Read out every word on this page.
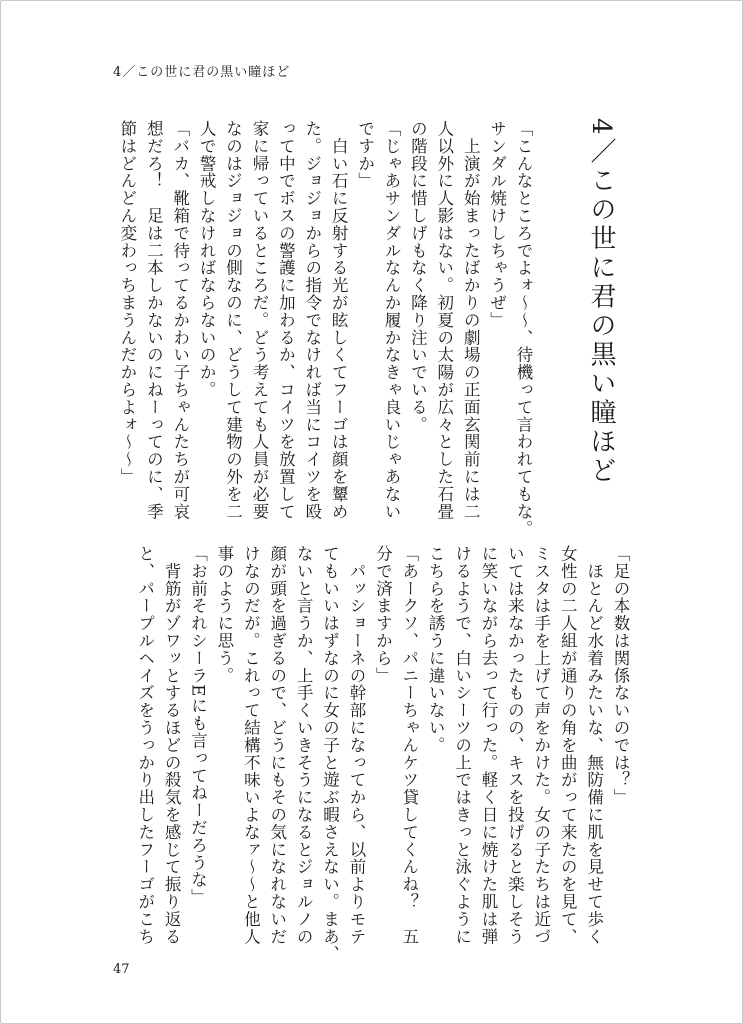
4／この世に君の黒い瞳ほど
4／この世に君の黒い瞳ほど

「こんなところでよォ〜〜、待機って言われてもな。

サンダル焼けしちゃうぜ」

　上演が始まったばかりの劇場の正面玄関前には二

人以外に人影はない。初夏の太陽が広々とした石畳

の階段に惜しげもなく降り注いでいる。

「じゃあサンダルなんか履かなきゃ良いじゃあない

ですか」

　白い石に反射する光が眩しくてフーゴは顔を顰め

た。ジョジョからの指令でなければ当にコイツを殴

って中でボスの警護に加わるか、コイツを放置して

家に帰っているところだ。どう考えても人員が必要

なのはジョジョの側なのに、どうして建物の外を二

人で警戒しなければならないのか。

「バカ、靴箱で待ってるかわい子ちゃんたちが可哀

想だろ！　足は二本しかないのにねーってのに、季

節はどんどん変わっちまうんだからよォ〜〜」

「足の本数は関係ないのでは？」

　ほとんど水着みたいな、無防備に肌を見せて歩く

女性の二人組が通りの角を曲がって来たのを見て、

ミスタは手を上げて声をかけた。女の子たちは近づ

いては来なかったものの、キスを投げると楽しそう

に笑いながら去って行った。軽く日に焼けた肌は弾

けるようで、白いシーツの上ではきっと泳ぐように

こちらを誘うに違いない。

「あークソ、パニーちゃんケツ貸してくんね？　五

分で済ますから」

　パッショーネの幹部になってから、以前よりモテ

てもいいはずなのに女の子と遊ぶ暇さえない。まあ、

ないと言うか、上手くいきそうになるとジョルノの

顔が頭を過ぎるので、どうにもその気になれないだ

けなのだが。これって結構不味いよなァ〜〜と他人

事のように思う。

「お前それシーラEにも言ってねーだろうな」

　背筋がゾワッとするほどの殺気を感じて振り返る

と、パープルヘイズをうっかり出したフーゴがこち

47
